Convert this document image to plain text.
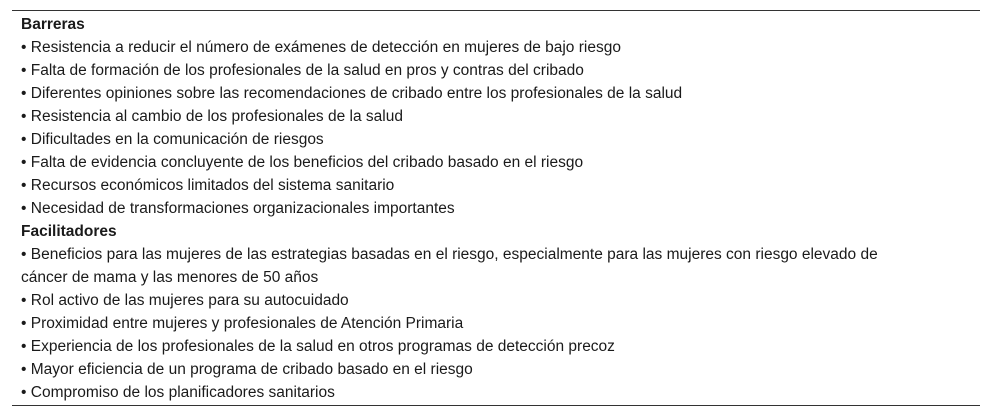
Barreras

• Resistencia a reducir el número de exámenes de detección en mujeres de bajo riesgo

• Falta de formación de los profesionales de la salud en pros y contras del cribado

• Diferentes opiniones sobre las recomendaciones de cribado entre los profesionales de la salud

• Resistencia al cambio de los profesionales de la salud

• Dificultades en la comunicación de riesgos

• Falta de evidencia concluyente de los beneficios del cribado basado en el riesgo

• Recursos económicos limitados del sistema sanitario

• Necesidad de transformaciones organizacionales importantes

Facilitadores

• Beneficios para las mujeres de las estrategias basadas en el riesgo, especialmente para las mujeres con riesgo elevado de cáncer de mama y las menores de 50 años

• Rol activo de las mujeres para su autocuidado

• Proximidad entre mujeres y profesionales de Atención Primaria

• Experiencia de los profesionales de la salud en otros programas de detección precoz

• Mayor eficiencia de un programa de cribado basado en el riesgo

• Compromiso de los planificadores sanitarios
